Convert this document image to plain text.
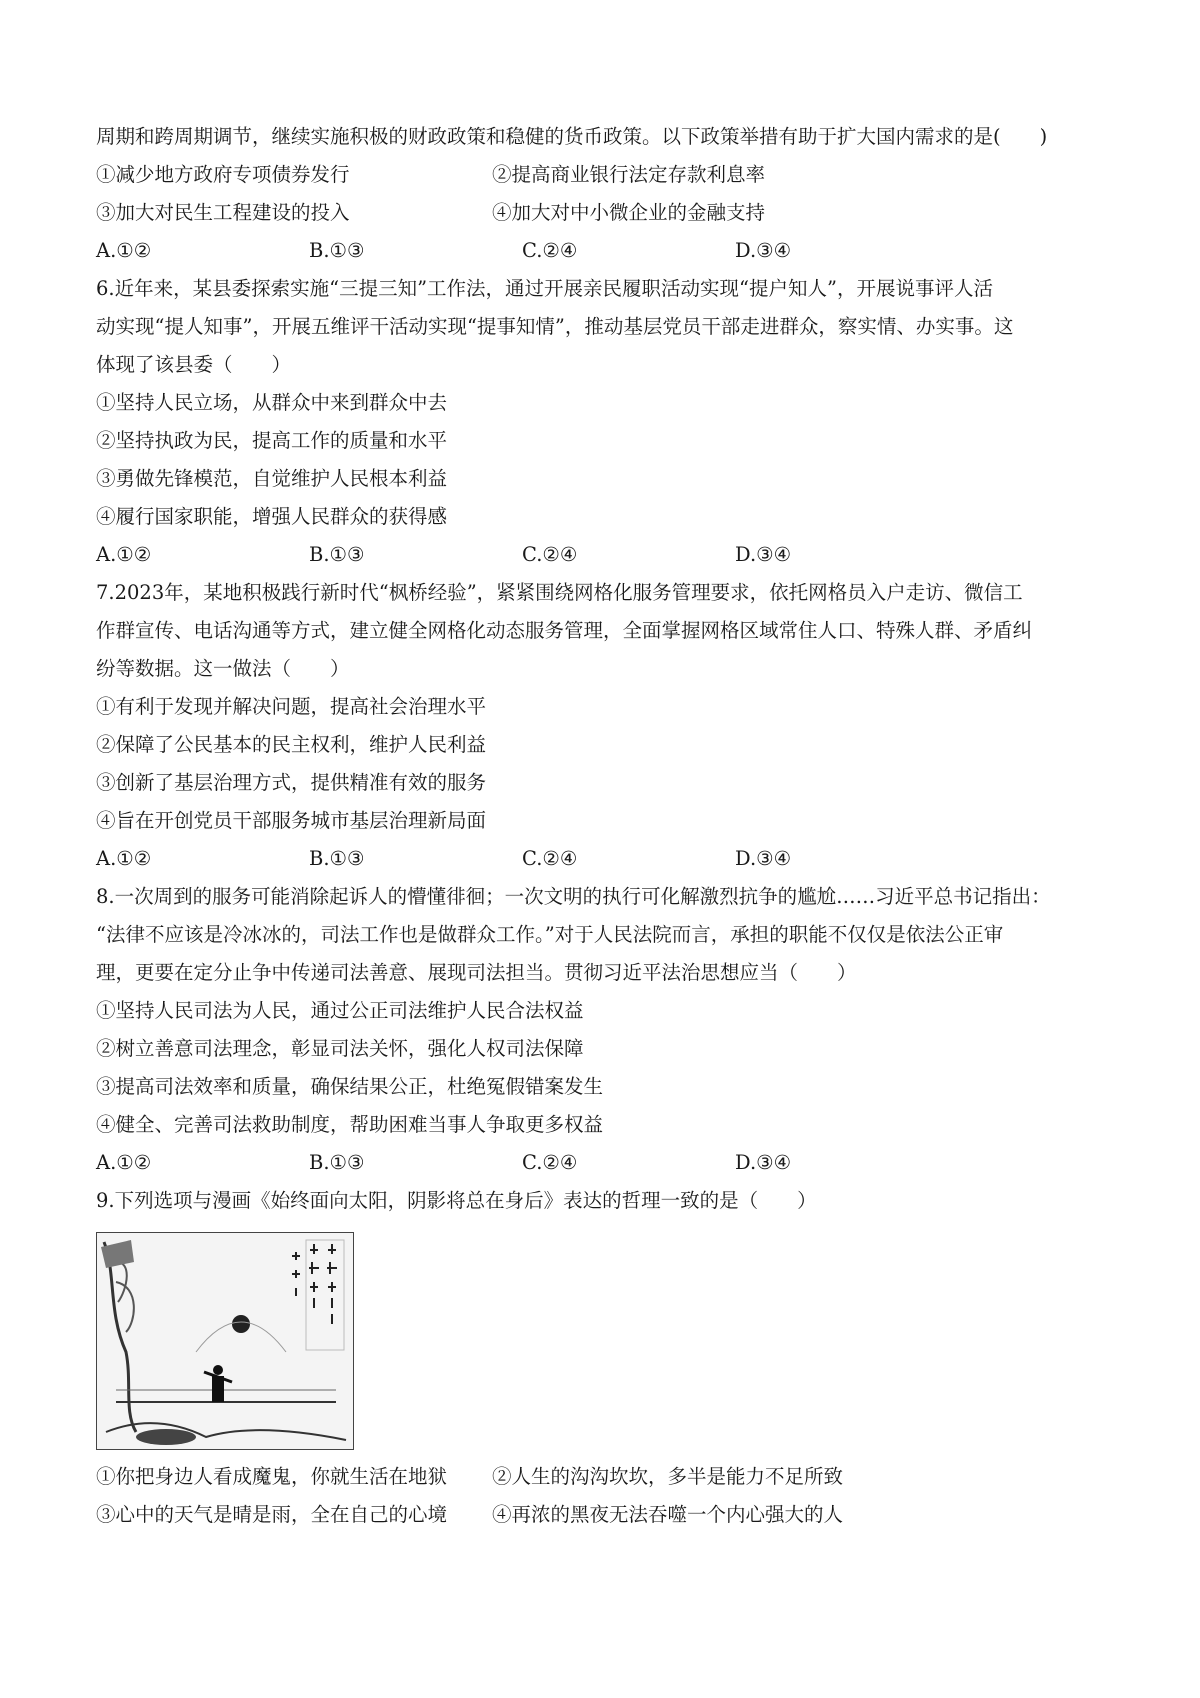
周期和跨周期调节，继续实施积极的财政政策和稳健的货币政策。以下政策举措有助于扩大国内需求的是(　　)
①减少地方政府专项债券发行	②提高商业银行法定存款利息率
③加大对民生工程建设的投入	④加大对中小微企业的金融支持
A.①②	B.①③	C.②④	D.③④
6.近年来，某县委探索实施“三提三知”工作法，通过开展亲民履职活动实现“提户知人”，开展说事评人活
动实现“提人知事”，开展五维评干活动实现“提事知情”，推动基层党员干部走进群众，察实情、办实事。这
体现了该县委（　　）
①坚持人民立场，从群众中来到群众中去
②坚持执政为民，提高工作的质量和水平
③勇做先锋模范，自觉维护人民根本利益
④履行国家职能，增强人民群众的获得感
A.①②	B.①③	C.②④	D.③④
7.2023年，某地积极践行新时代“枫桥经验”，紧紧围绕网格化服务管理要求，依托网格员入户走访、微信工
作群宣传、电话沟通等方式，建立健全网格化动态服务管理，全面掌握网格区域常住人口、特殊人群、矛盾纠
纷等数据。这一做法（　　）
①有利于发现并解决问题，提高社会治理水平
②保障了公民基本的民主权利，维护人民利益
③创新了基层治理方式，提供精准有效的服务
④旨在开创党员干部服务城市基层治理新局面
A.①②	B.①③	C.②④	D.③④
8.一次周到的服务可能消除起诉人的懵懂徘徊；一次文明的执行可化解激烈抗争的尴尬……习近平总书记指出：
“法律不应该是冷冰冰的，司法工作也是做群众工作。”对于人民法院而言，承担的职能不仅仅是依法公正审
理，更要在定分止争中传递司法善意、展现司法担当。贯彻习近平法治思想应当（　　）
①坚持人民司法为人民，通过公正司法维护人民合法权益
②树立善意司法理念，彰显司法关怀，强化人权司法保障
③提高司法效率和质量，确保结果公正，杜绝冤假错案发生
④健全、完善司法救助制度，帮助困难当事人争取更多权益
A.①②	B.①③	C.②④	D.③④
9.下列选项与漫画《始终面向太阳，阴影将总在身后》表达的哲理一致的是（　　）
①你把身边人看成魔鬼，你就生活在地狱	②人生的沟沟坎坎，多半是能力不足所致
③心中的天气是晴是雨，全在自己的心境	④再浓的黑夜无法吞噬一个内心强大的人
